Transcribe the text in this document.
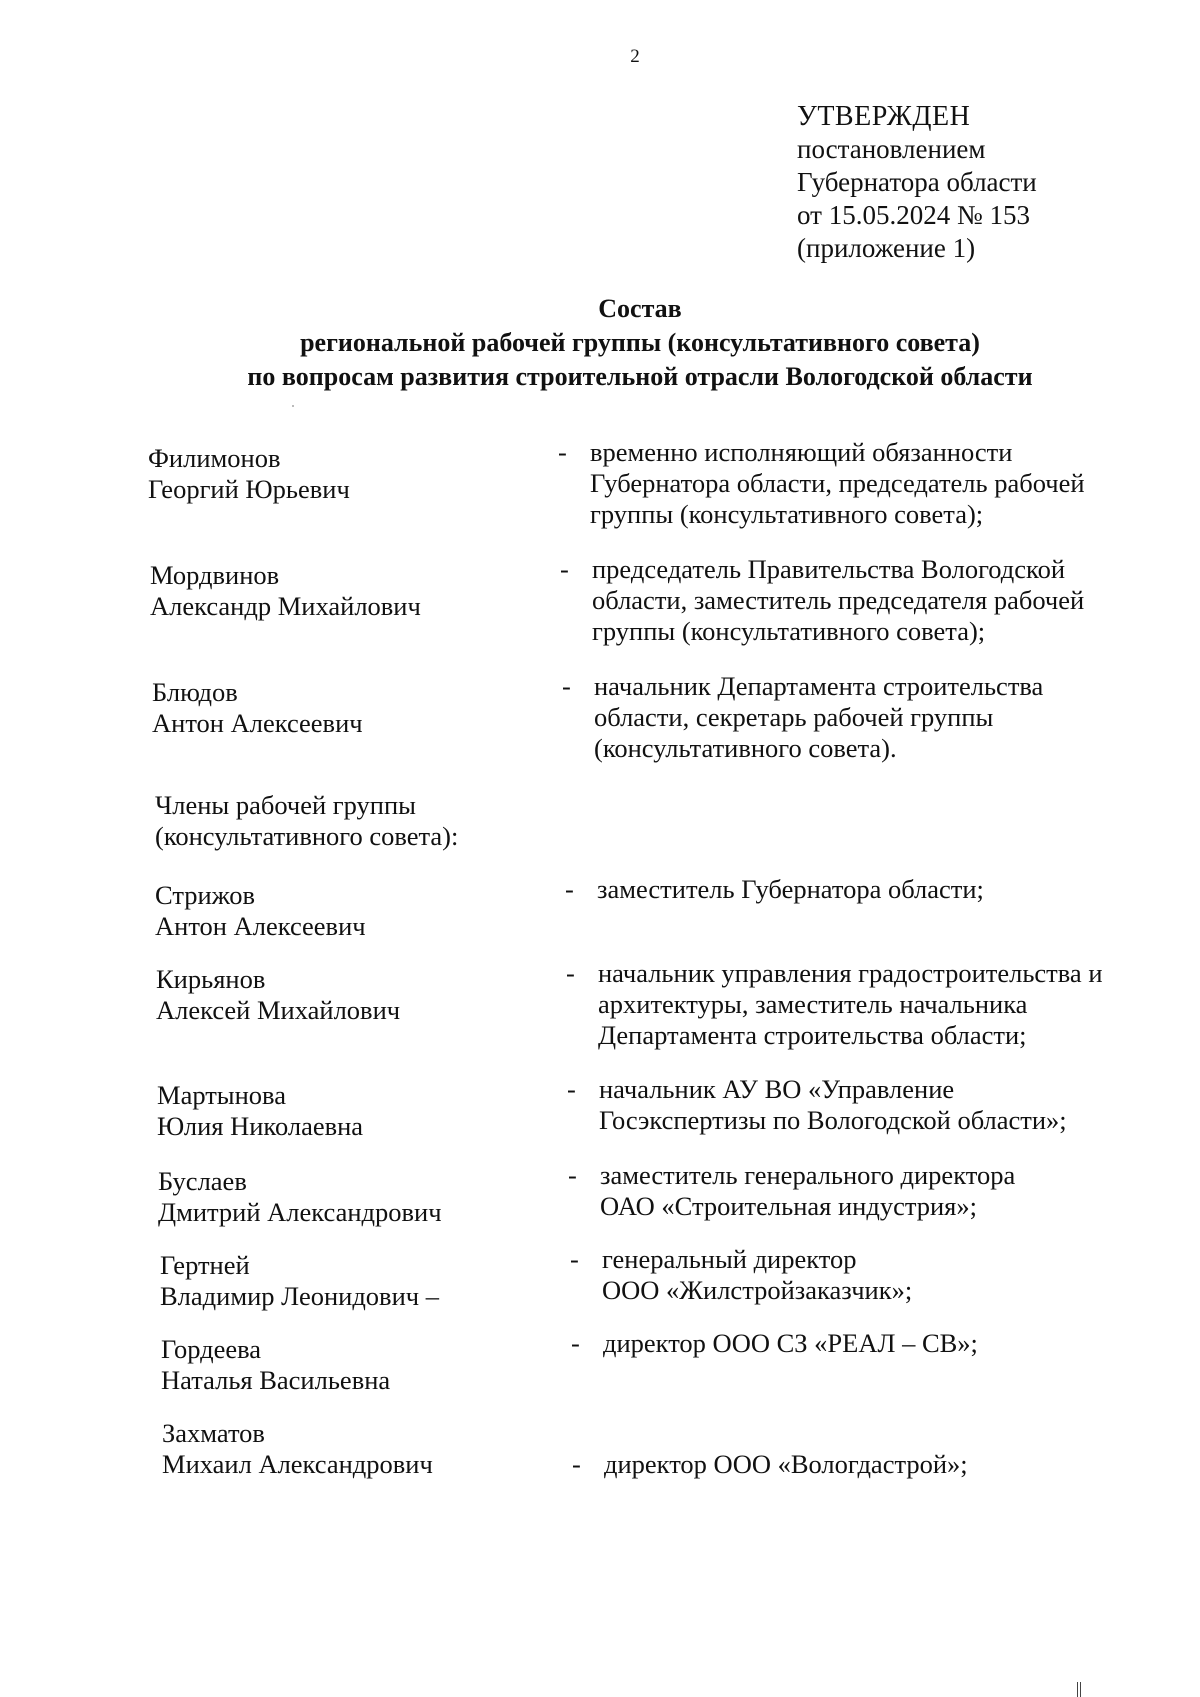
2
УТВЕРЖДЕН
постановлением
Губернатора области
от 15.05.2024 № 153
(приложение 1)
Состав
региональной рабочей группы (консультативного совета)
по вопросам развития строительной отрасли Вологодской области
Филимонов
Георгий Юрьевич
- временно исполняющий обязанности
Губернатора области, председатель рабочей
группы (консультативного совета);
Мордвинов
Александр Михайлович
- председатель Правительства Вологодской
области, заместитель председателя рабочей
группы (консультативного совета);
Блюдов
Антон Алексеевич
- начальник Департамента строительства
области, секретарь рабочей группы
(консультативного совета).
Члены рабочей группы
(консультативного совета):
Стрижов
Антон Алексеевич
- заместитель Губернатора области;
Кирьянов
Алексей Михайлович
- начальник управления градостроительства и
архитектуры, заместитель начальника
Департамента строительства области;
Мартынова
Юлия Николаевна
- начальник АУ ВО «Управление
Госэкспертизы по Вологодской области»;
Буслаев
Дмитрий Александрович
- заместитель генерального директора
ОАО «Строительная индустрия»;
Гертней
Владимир Леонидович –
- генеральный директор
ООО «Жилстройзаказчик»;
Гордеева
Наталья Васильевна
- директор ООО СЗ «РЕАЛ – СВ»;
Захматов
Михаил Александрович	- директор ООО «Вологдастрой»;
